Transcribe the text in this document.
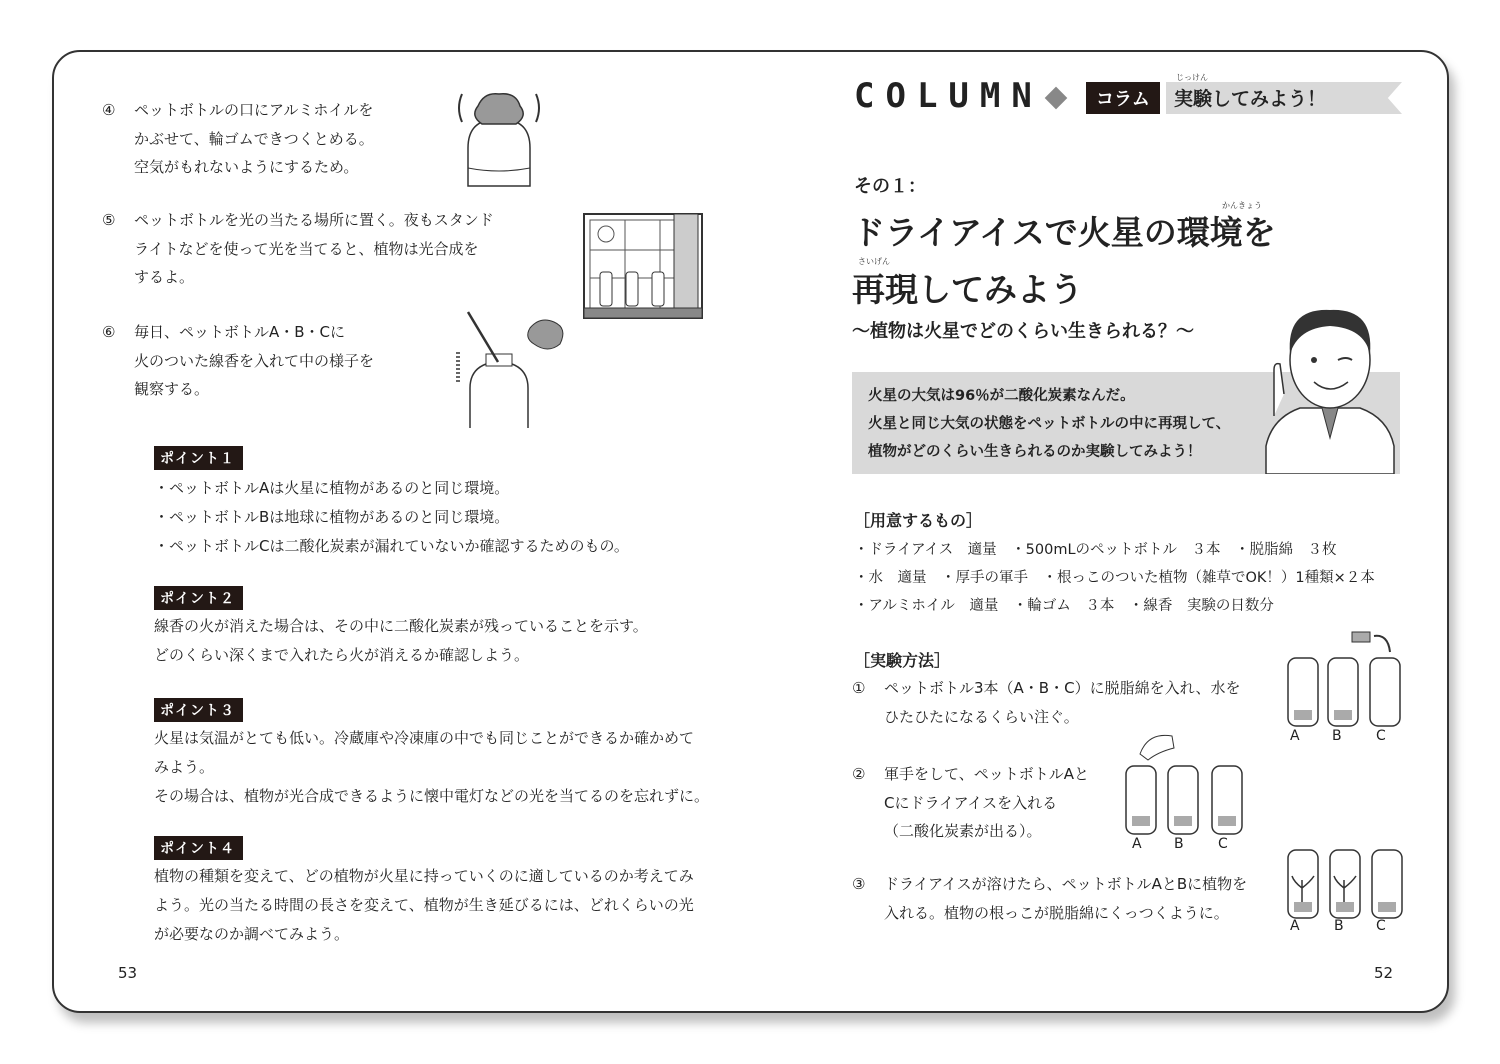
④	ペットボトルの口にアルミホイルを
かぶせて、輪ゴムできつくとめる。
空気がもれないようにするため。
⑤	ペットボトルを光の当たる場所に置く。夜もスタンド
ライトなどを使って光を当てると、植物は光合成を
するよ。
⑥	毎日、ペットボトルA・B・Cに
火のついた線香を入れて中の様子を
観察する。
ポイント１
・ペットボトルAは火星に植物があるのと同じ環境。
・ペットボトルBは地球に植物があるのと同じ環境。
・ペットボトルCは二酸化炭素が漏れていないか確認するためのもの。
ポイント２
線香の火が消えた場合は、その中に二酸化炭素が残っていることを示す。
どのくらい深くまで入れたら火が消えるか確認しよう。
ポイント３
火星は気温がとても低い。冷蔵庫や冷凍庫の中でも同じことができるか確かめて
みよう。
その場合は、植物が光合成できるように懐中電灯などの光を当てるのを忘れずに。
ポイント４
植物の種類を変えて、どの植物が火星に持っていくのに適しているのか考えてみ
よう。光の当たる時間の長さを変えて、植物が生き延びるには、どれくらいの光
が必要なのか調べてみよう。
53
COLUMN	コラム
じっけん
実験してみよう！
その１：
かんきょう
ドライアイスで火星の環境を
さいげん
再現してみよう
〜植物は火星でどのくらい生きられる？〜
火星の大気は96％が二酸化炭素なんだ。
火星と同じ大気の状態をペットボトルの中に再現して、
植物がどのくらい生きられるのか実験してみよう！
［用意するもの］
・ドライアイス　適量　・500mLのペットボトル　３本　・脱脂綿　３枚
・水　適量　・厚手の軍手　・根っこのついた植物（雑草でOK！）1種類×２本
・アルミホイル　適量　・輪ゴム　３本　・線香　実験の日数分
［実験方法］
①	ペットボトル3本（A・B・C）に脱脂綿を入れ、水を
ひたひたになるくらい注ぐ。
A B C
②	軍手をして、ペットボトルAと
Cにドライアイスを入れる
（二酸化炭素が出る）。
A B C
③	ドライアイスが溶けたら、ペットボトルAとBに植物を
入れる。植物の根っこが脱脂綿にくっつくように。
A B C
52
